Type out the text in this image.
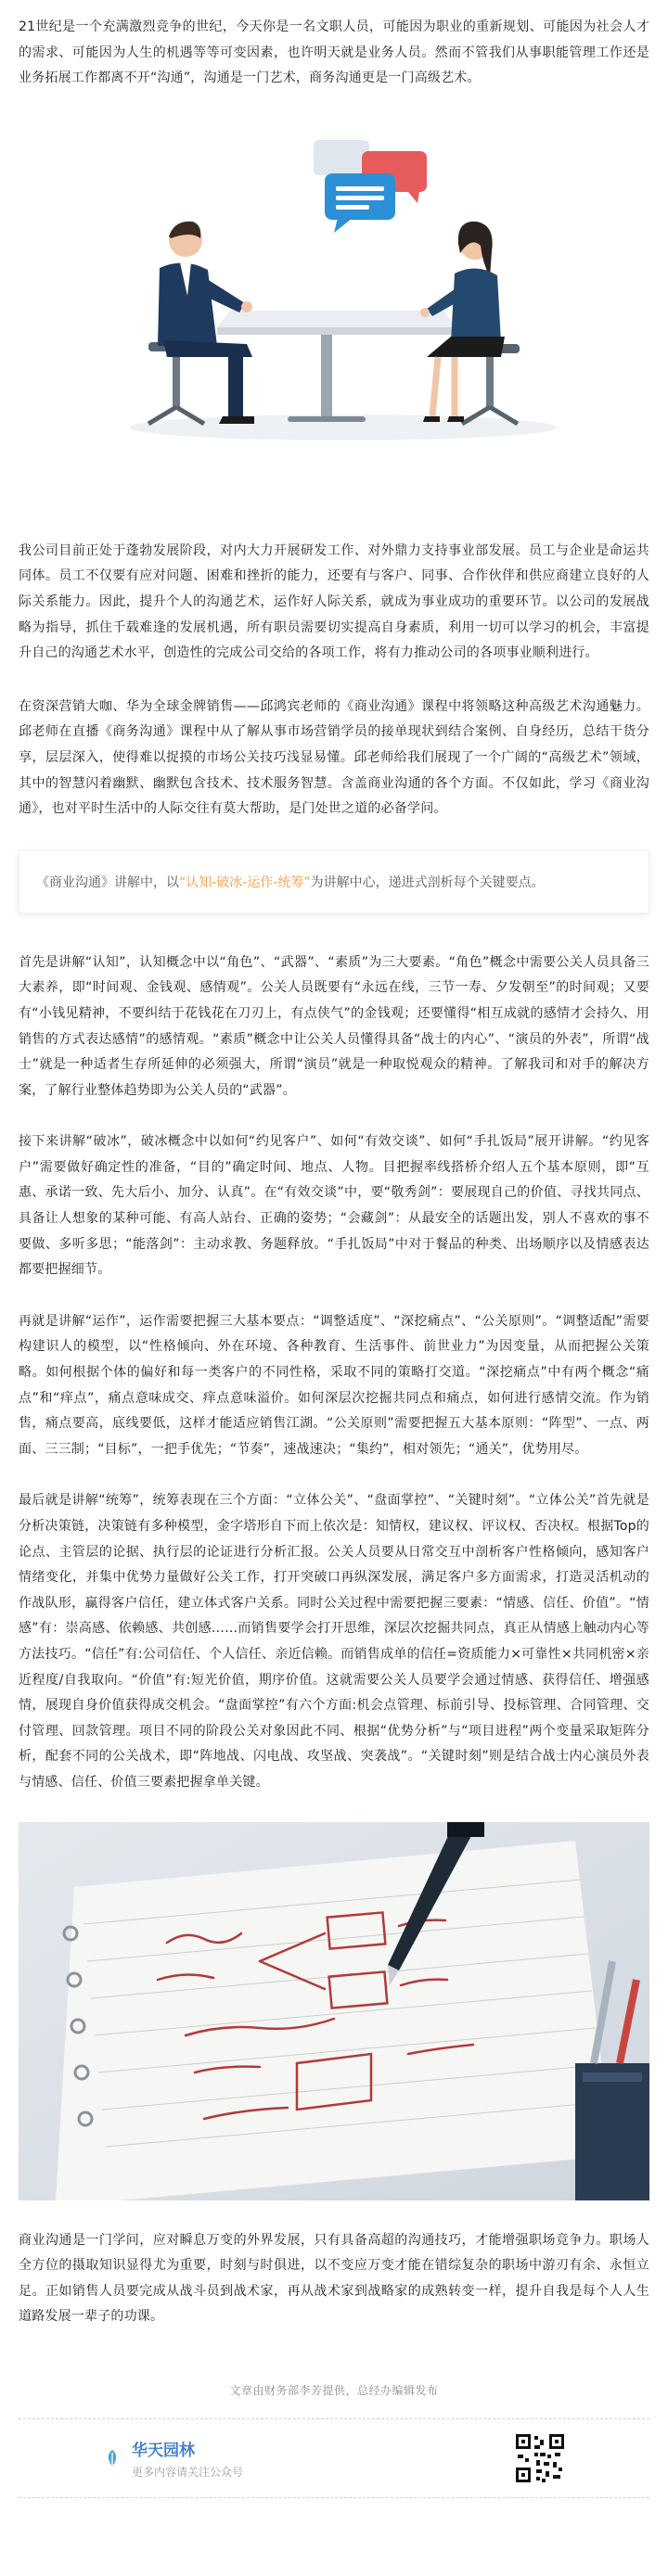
21世纪是一个充满激烈竞争的世纪，今天你是一名文职人员，可能因为职业的重新规划、可能因为社会人才的需求、可能因为人生的机遇等等可变因素，也许明天就是业务人员。然而不管我们从事职能管理工作还是业务拓展工作都离不开“沟通”，沟通是一门艺术，商务沟通更是一门高级艺术。

我公司目前正处于蓬勃发展阶段，对内大力开展研发工作、对外鼎力支持事业部发展。员工与企业是命运共同体。员工不仅要有应对问题、困难和挫折的能力，还要有与客户、同事、合作伙伴和供应商建立良好的人际关系能力。因此，提升个人的沟通艺术，运作好人际关系，就成为事业成功的重要环节。以公司的发展战略为指导，抓住千载难逢的发展机遇，所有职员需要切实提高自身素质，利用一切可以学习的机会，丰富提升自己的沟通艺术水平，创造性的完成公司交给的各项工作，将有力推动公司的各项事业顺利进行。

在资深营销大咖、华为全球金牌销售——邱鸿宾老师的《商业沟通》课程中将领略这种高级艺术沟通魅力。邱老师在直播《商务沟通》课程中从了解从事市场营销学员的接单现状到结合案例、自身经历，总结干货分享，层层深入，使得难以捉摸的市场公关技巧浅显易懂。邱老师给我们展现了一个广阔的“高级艺术”领域，其中的智慧闪着幽默、幽默包含技术、技术服务智慧。含盖商业沟通的各个方面。不仅如此，学习《商业沟通》，也对平时生活中的人际交往有莫大帮助，是门处世之道的必备学问。

《商业沟通》讲解中，以 “认知-破冰-运作-统筹” 为讲解中心，递进式剖析每个关键要点。

首先是讲解“认知”，认知概念中以“角色”、“武器”、“素质”为三大要素。“角色”概念中需要公关人员具备三大素养，即“时间观、金钱观、感情观”。公关人员既要有“永远在线，三节一寿、夕发朝至”的时间观；又要有“小钱见精神，不要纠结于花钱花在刀刃上，有点侠气”的金钱观；还要懂得“相互成就的感情才会持久、用销售的方式表达感情”的感情观。“素质”概念中让公关人员懂得具备“战士的内心”、“演员的外表”，所谓“战士”就是一种适者生存所延伸的必须强大，所谓“演员”就是一种取悦观众的精神。了解我司和对手的解决方案，了解行业整体趋势即为公关人员的“武器”。

接下来讲解“破冰”，破冰概念中以如何“约见客户”、如何“有效交谈”、如何“手扎饭局”展开讲解。“约见客户”需要做好确定性的准备，“目的”确定时间、地点、人物。目把握率线搭桥介绍人五个基本原则，即“互惠、承诺一致、先大后小、加分、认真”。在“有效交谈”中，要“敬秀剑”：要展现自己的价值、寻找共同点、具备让人想象的某种可能、有高人站台、正确的姿势；“会藏剑”：从最安全的话题出发，别人不喜欢的事不要做、多听多思；“能落剑”：主动求教、务题释放。“手扎饭局”中对于餐品的种类、出场顺序以及情感表达都要把握细节。

再就是讲解“运作”，运作需要把握三大基本要点：“调整适度”、“深挖痛点”、“公关原则”。“调整适配”需要构建识人的模型，以“性格倾向、外在环境、各种教育、生活事件、前世业力”为因变量，从而把握公关策略。如何根据个体的偏好和每一类客户的不同性格，采取不同的策略打交道。“深挖痛点”中有两个概念“痛点”和“痒点”，痛点意味成交、痒点意味溢价。如何深层次挖掘共同点和痛点，如何进行感情交流。作为销售，痛点要高，底线要低，这样才能适应销售江湖。“公关原则”需要把握五大基本原则：“阵型”、一点、两面、三三制；“目标”，一把手优先；“节奏”，速战速决；“集约”，相对领先；“通关”，优势用尽。

最后就是讲解“统筹”，统筹表现在三个方面：“立体公关”、“盘面掌控”、“关键时刻”。“立体公关”首先就是分析决策链，决策链有多种模型，金字塔形自下而上依次是：知情权，建议权、评议权、否决权。根据Top的论点、主管层的论据、执行层的论证进行分析汇报。公关人员要从日常交互中剖析客户性格倾向，感知客户情绪变化，并集中优势力量做好公关工作，打开突破口再纵深发展，满足客户多方面需求，打造灵活机动的作战队形，赢得客户信任，建立体式客户关系。同时公关过程中需要把握三要素：“情感、信任、价值”。“情感”有：崇高感、依赖感、共创感……而销售要学会打开思维，深层次挖掘共同点，真正从情感上触动内心等方法技巧。“信任”有:公司信任、个人信任、亲近信赖。而销售成单的信任=资质能力×可靠性×共同机密×亲近程度/自我取向。“价值”有:短光价值，期序价值。这就需要公关人员要学会通过情感、获得信任、增强感情，展现自身价值获得成交机会。“盘面掌控”有六个方面:机会点管理、标前引导、投标管理、合同管理、交付管理、回款管理。项目不同的阶段公关对象因此不同、根据“优势分析”与“项目进程”两个变量采取矩阵分析，配套不同的公关战术，即“阵地战、闪电战、攻坚战、突袭战”。“关键时刻”则是结合战士内心演员外表与情感、信任、价值三要素把握拿单关键。

商业沟通是一门学问，应对瞬息万变的外界发展，只有具备高超的沟通技巧，才能增强职场竞争力。职场人全方位的摄取知识显得尤为重要，时刻与时俱进，以不变应万变才能在错综复杂的职场中游刃有余、永恒立足。正如销售人员要完成从战斗员到战术家，再从战术家到战略家的成熟转变一样，提升自我是每个人人生道路发展一辈子的功课。

文章由财务部李芳提供，总经办编辑发布
华天园林
更多内容请关注公众号
